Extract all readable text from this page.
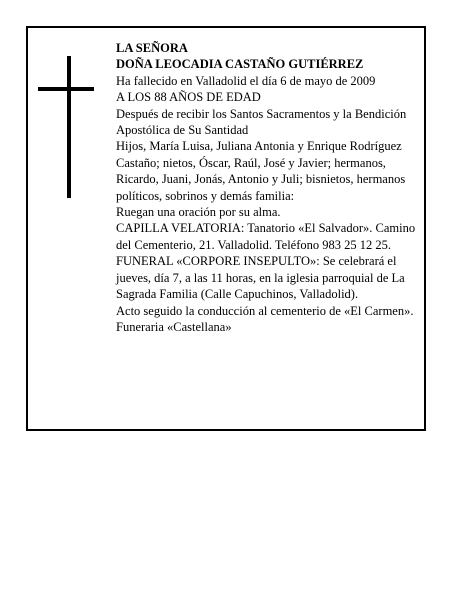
LA SEÑORA

DOÑA LEOCADIA CASTAÑO GUTIÉRREZ

Ha fallecido en Valladolid el día 6 de mayo de 2009

A LOS 88 AÑOS DE EDAD

Después de recibir los Santos Sacramentos y la Bendición Apostólica de Su Santidad

Hijos, María Luisa, Juliana Antonia y Enrique Rodríguez Castaño; nietos, Óscar, Raúl, José y Javier; hermanos, Ricardo, Juani, Jonás, Antonio y Juli; bisnietos, hermanos políticos, sobrinos y demás familia:

Ruegan una oración por su alma.

CAPILLA VELATORIA: Tanatorio «El Salvador». Camino del Cementerio, 21. Valladolid. Teléfono 983 25 12 25.

FUNERAL «CORPORE INSEPULTO»: Se celebrará el jueves, día 7, a las 11 horas, en la iglesia parroquial de La Sagrada Familia (Calle Capuchinos, Valladolid).

Acto seguido la conducción al cementerio de «El Carmen».

Funeraria «Castellana»
